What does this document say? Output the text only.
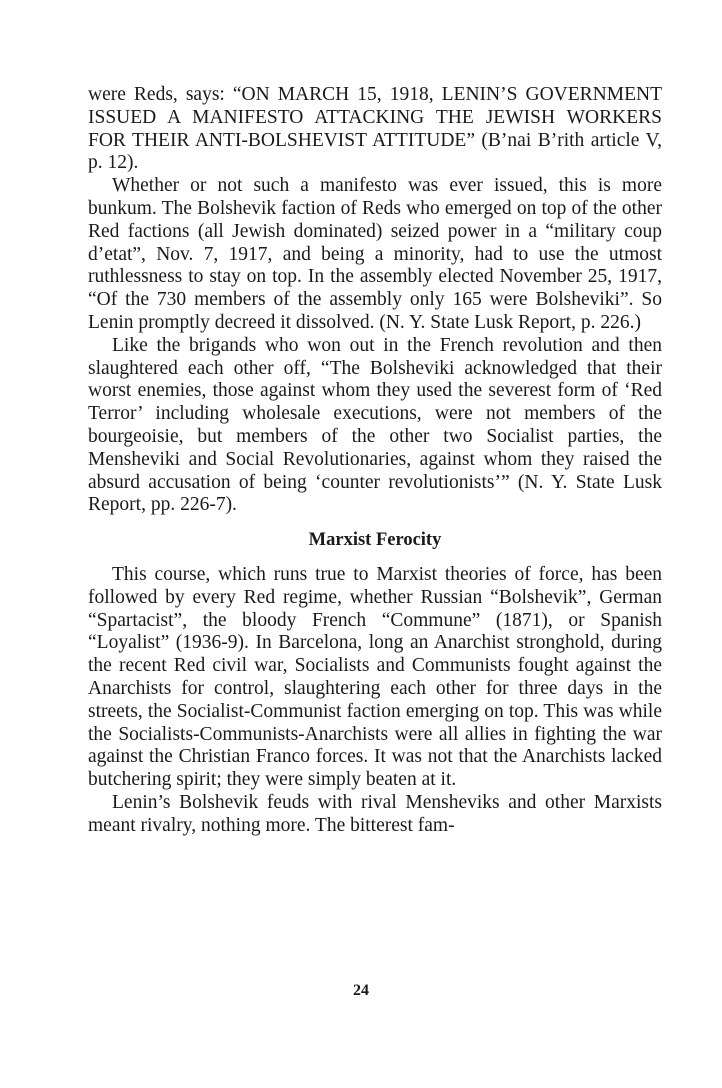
were Reds, says: “ON MARCH 15, 1918, LENIN’S GOVERNMENT ISSUED A MANIFESTO ATTACKING THE JEWISH WORKERS FOR THEIR ANTI-BOLSHEVIST ATTITUDE” (B’nai B’rith article V, p. 12).

Whether or not such a manifesto was ever issued, this is more bunkum. The Bolshevik faction of Reds who emerged on top of the other Red factions (all Jewish dominated) seized power in a “military coup d’etat”, Nov. 7, 1917, and being a minority, had to use the utmost ruthlessness to stay on top. In the assembly elected November 25, 1917, “Of the 730 members of the assembly only 165 were Bolsheviki”. So Lenin promptly decreed it dissolved. (N. Y. State Lusk Report, p. 226.)

Like the brigands who won out in the French revolution and then slaughtered each other off, “The Bolsheviki acknowledged that their worst enemies, those against whom they used the severest form of ‘Red Terror’ including wholesale executions, were not members of the bourgeoisie, but members of the other two Socialist parties, the Mensheviki and Social Revolutionaries, against whom they raised the absurd accusation of being ‘counter revolutionists’” (N. Y. State Lusk Report, pp. 226-7).

Marxist Ferocity

This course, which runs true to Marxist theories of force, has been followed by every Red regime, whether Russian “Bolshevik”, German “Spartacist”, the bloody French “Commune” (1871), or Spanish “Loyalist” (1936-9). In Barcelona, long an Anarchist stronghold, during the recent Red civil war, Socialists and Communists fought against the Anarchists for control, slaughtering each other for three days in the streets, the Socialist-Communist faction emerging on top. This was while the Socialists-Communists-Anarchists were all allies in fighting the war against the Christian Franco forces. It was not that the Anarchists lacked butchering spirit; they were simply beaten at it.

Lenin’s Bolshevik feuds with rival Mensheviks and other Marxists meant rivalry, nothing more. The bitterest fam-

24
